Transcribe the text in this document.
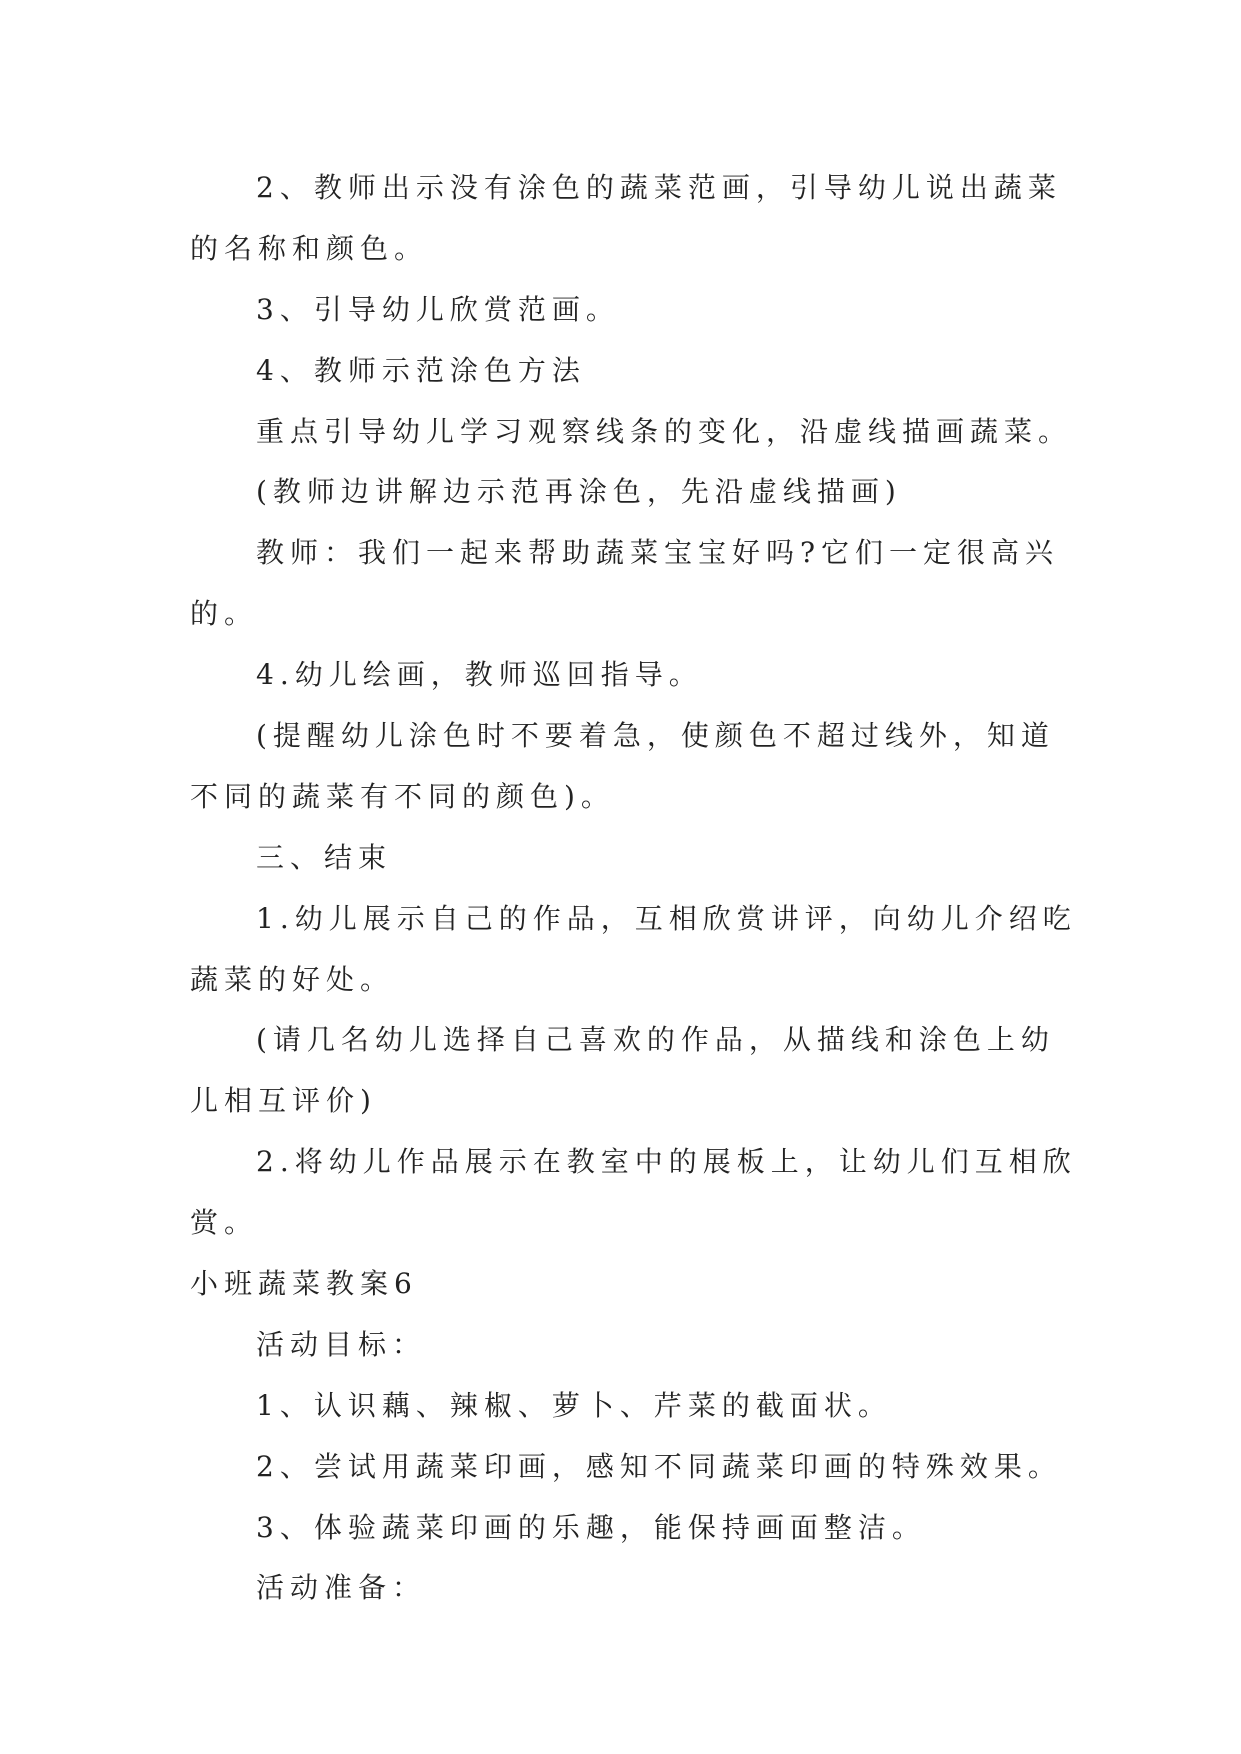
2、教师出示没有涂色的蔬菜范画，引导幼儿说出蔬菜
的名称和颜色。
3、引导幼儿欣赏范画。
4、教师示范涂色方法
重点引导幼儿学习观察线条的变化，沿虚线描画蔬菜。
(教师边讲解边示范再涂色，先沿虚线描画)
教师：我们一起来帮助蔬菜宝宝好吗?它们一定很高兴
的。
4.幼儿绘画，教师巡回指导。
(提醒幼儿涂色时不要着急，使颜色不超过线外，知道
不同的蔬菜有不同的颜色)。
三、结束
1.幼儿展示自己的作品，互相欣赏讲评，向幼儿介绍吃
蔬菜的好处。
(请几名幼儿选择自己喜欢的作品，从描线和涂色上幼
儿相互评价)
2.将幼儿作品展示在教室中的展板上，让幼儿们互相欣
赏。
小班蔬菜教案6
活动目标：
1、认识藕、辣椒、萝卜、芹菜的截面状。
2、尝试用蔬菜印画，感知不同蔬菜印画的特殊效果。
3、体验蔬菜印画的乐趣，能保持画面整洁。
活动准备：
